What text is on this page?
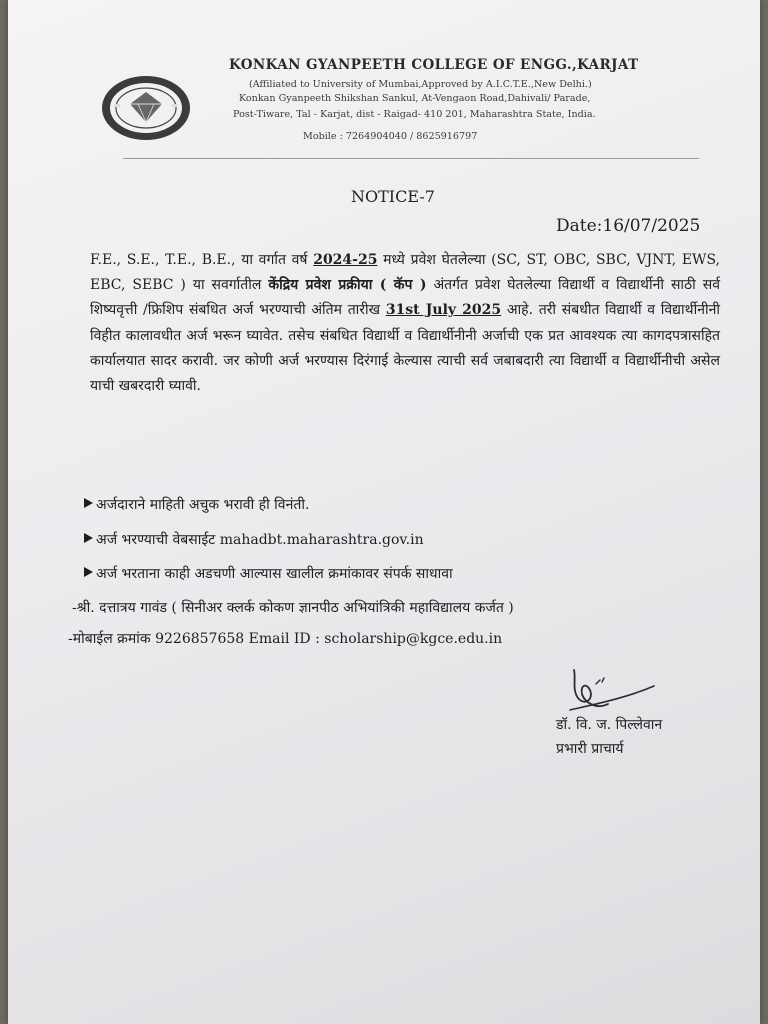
KONKAN GYANPEETH COLLEGE OF ENGG.,KARJAT
(Affiliated to University of Mumbai,Approved by A.I.C.T.E.,New Delhi.)
Konkan Gyanpeeth Shikshan Sankul, At-Vengaon Road,Dahivali/ Parade,
Post-Tiware, Tal - Karjat, dist - Raigad- 410 201, Maharashtra State, India.
Mobile : 7264904040 / 8625916797
NOTICE-7
Date:16/07/2025
F.E., S.E., T.E., B.E., या वर्गात वर्ष 2024-25 मध्ये प्रवेश घेतलेल्या (SC, ST, OBC, SBC, VJNT, EWS, EBC, SEBC ) या सवर्गातील केंद्रिय प्रवेश प्रक्रीया ( कॅप ) अंतर्गत प्रवेश घेतलेल्या विद्यार्थी व विद्यार्थीनी साठी सर्व शिष्यवृत्ती /फ्रिशिप संबधित अर्ज भरण्याची अंतिम तारीख 31st July 2025 आहे. तरी संबधीत विद्यार्थी व विद्यार्थीनीनी विहीत कालावधीत अर्ज भरून घ्यावेत. तसेच संबधित विद्यार्थी व विद्यार्थीनीनी अर्जाची एक प्रत आवश्यक त्या कागदपत्रासहित कार्यालयात सादर करावी. जर कोणी अर्ज भरण्यास दिरंगाई केल्यास त्याची सर्व जबाबदारी त्या विद्यार्थी व विद्यार्थीनीची असेल याची खबरदारी घ्यावी.
अर्जदाराने माहिती अचुक भरावी ही विनंती.
अर्ज भरण्याची वेबसाईट mahadbt.maharashtra.gov.in
अर्ज भरताना काही अडचणी आल्यास खालील क्रमांकावर संपर्क साधावा
-श्री. दत्तात्रय गावंड ( सिनीअर क्लर्क कोकण ज्ञानपीठ अभियांत्रिकी महाविद्यालय कर्जत )
-मोबाईल क्रमांक 9226857658 Email ID : scholarship@kgce.edu.in
डॉ. वि. ज. पिल्लेवान
प्रभारी प्राचार्य
